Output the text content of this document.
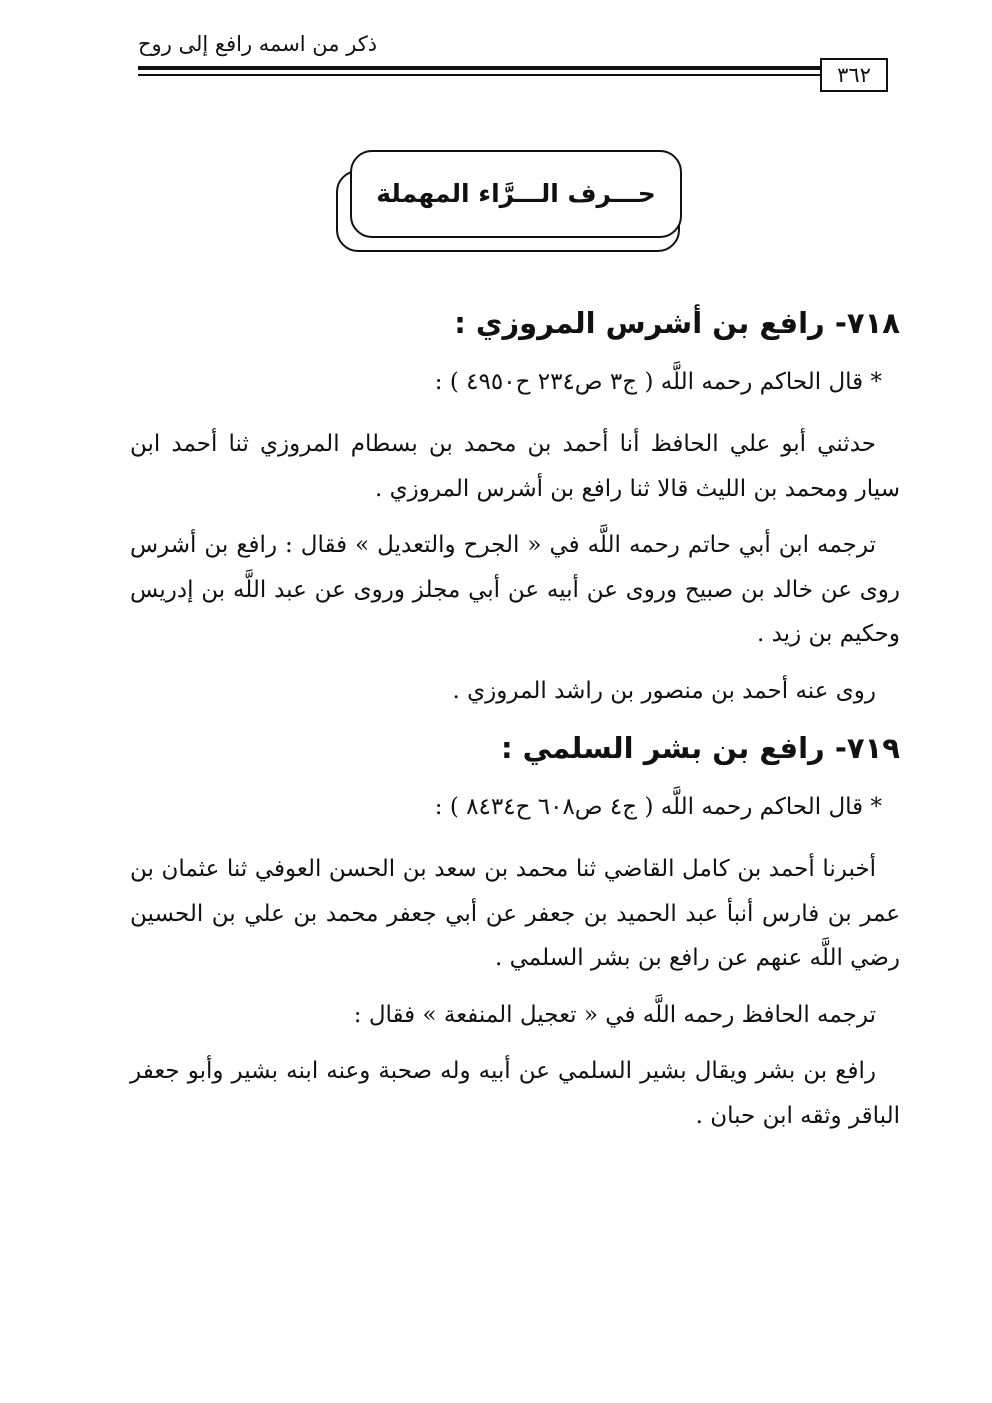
ذكر من اسمه رافع إلى روح
٣٦٢
حـــرف الـــرَّاء المهملة
٧١٨- رافع بن أشرس المروزي :
* قال الحاكم رحمه اللَّه ( ج٣ ص٢٣٤ ح٤٩٥٠ ) :

حدثني أبو علي الحافظ أنا أحمد بن محمد بن بسطام المروزي ثنا أحمد ابن سيار ومحمد بن الليث قالا ثنا رافع بن أشرس المروزي .

ترجمه ابن أبي حاتم رحمه اللَّه في « الجرح والتعديل » فقال : رافع بن أشرس روى عن خالد بن صبيح وروى عن أبيه عن أبي مجلز وروى عن عبد اللَّه بن إدريس وحكيم بن زيد .

روى عنه أحمد بن منصور بن راشد المروزي .

٧١٩- رافع بن بشر السلمي :
* قال الحاكم رحمه اللَّه ( ج٤ ص٦٠٨ ح٨٤٣٤ ) :

أخبرنا أحمد بن كامل القاضي ثنا محمد بن سعد بن الحسن العوفي ثنا عثمان بن عمر بن فارس أنبأ عبد الحميد بن جعفر عن أبي جعفر محمد بن علي بن الحسين رضي اللَّه عنهم عن رافع بن بشر السلمي .

ترجمه الحافظ رحمه اللَّه في « تعجيل المنفعة » فقال :

رافع بن بشر ويقال بشير السلمي عن أبيه وله صحبة وعنه ابنه بشير وأبو جعفر الباقر وثقه ابن حبان .
